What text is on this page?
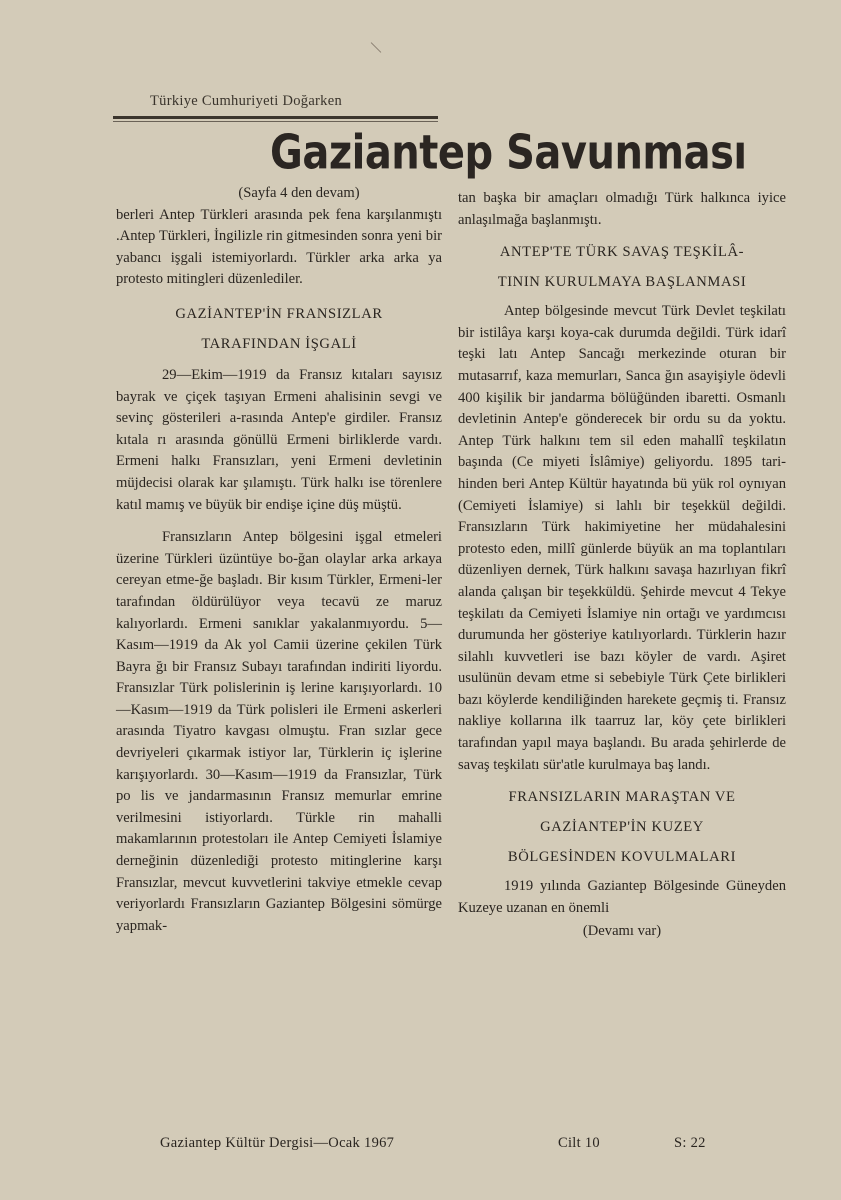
Türkiye Cumhuriyeti Doğarken
Gaziantep Savunması

(Sayfa 4 den devam)

berleri Antep Türkleri arasında pek fena karşılanmıştı .Antep Türkleri, İngilizle rin gitmesinden sonra yeni bir yabancı işgali istemiyorlardı. Türkler arka arka ya protesto mitingleri düzenlediler.

GAZİANTEP'İN FRANSIZLAR
TARAFINDAN İŞGALİ

29—Ekim—1919 da Fransız kıtaları sayısız bayrak ve çiçek taşıyan Ermeni ahalisinin sevgi ve sevinç gösterileri a-rasında Antep'e girdiler. Fransız kıtala rı arasında gönüllü Ermeni birliklerde vardı. Ermeni halkı Fransızları, yeni Ermeni devletinin müjdecisi olarak kar şılamıştı. Türk halkı ise törenlere katıl mamış ve büyük bir endişe içine düş müştü.

Fransızların Antep bölgesini işgal etmeleri üzerine Türkleri üzüntüye bo-ğan olaylar arka arkaya cereyan etme-ğe başladı. Bir kısım Türkler, Ermeni-ler tarafından öldürülüyor veya tecavü ze maruz kalıyorlardı. Ermeni sanıklar yakalanmıyordu. 5—Kasım—1919 da Ak yol Camii üzerine çekilen Türk Bayra ğı bir Fransız Subayı tarafından indiriti liyordu. Fransızlar Türk polislerinin iş lerine karışıyorlardı. 10—Kasım—1919 da Türk polisleri ile Ermeni askerleri arasında Tiyatro kavgası olmuştu. Fran sızlar gece devriyeleri çıkarmak istiyor lar, Türklerin iç işlerine karışıyorlardı. 30—Kasım—1919 da Fransızlar, Türk po lis ve jandarmasının Fransız memurlar emrine verilmesini istiyorlardı. Türkle rin mahalli makamlarının protestoları ile Antep Cemiyeti İslamiye derneğinin düzenlediği protesto mitinglerine karşı Fransızlar, mevcut kuvvetlerini takviye etmekle cevap veriyorlardı Fransızların Gaziantep Bölgesini sömürge yapmak-

tan başka bir amaçları olmadığı Türk halkınca iyice anlaşılmağa başlanmıştı.

ANTEP'TE TÜRK SAVAŞ TEŞKİLÂ-
TININ KURULMAYA BAŞLANMASI

Antep bölgesinde mevcut Türk Devlet teşkilatı bir istilâya karşı koya-cak durumda değildi. Türk idarî teşki latı Antep Sancağı merkezinde oturan bir mutasarrıf, kaza memurları, Sanca ğın asayişiyle ödevli 400 kişilik bir jandarma bölüğünden ibaretti. Osmanlı devletinin Antep'e gönderecek bir ordu su da yoktu. Antep Türk halkını tem sil eden mahallî teşkilatın başında (Ce miyeti İslâmiye) geliyordu. 1895 tari-hinden beri Antep Kültür hayatında bü yük rol oynıyan (Cemiyeti İslamiye) si lahlı bir teşekkül değildi. Fransızların Türk hakimiyetine her müdahalesini protesto eden, millî günlerde büyük an ma toplantıları düzenliyen dernek, Türk halkını savaşa hazırlıyan fikrî alanda çalışan bir teşekküldü. Şehirde mevcut 4 Tekye teşkilatı da Cemiyeti İslamiye nin ortağı ve yardımcısı durumunda her gösteriye katılıyorlardı. Türklerin hazır silahlı kuvvetleri ise bazı köyler de vardı. Aşiret usulünün devam etme si sebebiyle Türk Çete birlikleri bazı köylerde kendiliğinden harekete geçmiş ti. Fransız nakliye kollarına ilk taarruz lar, köy çete birlikleri tarafından yapıl maya başlandı. Bu arada şehirlerde de savaş teşkilatı sür'atle kurulmaya baş landı.

FRANSIZLARIN MARAŞTAN VE
GAZİANTEP'İN KUZEY
BÖLGESİNDEN KOVULMALARI

1919 yılında Gaziantep Bölgesinde Güneyden Kuzeye uzanan en önemli

(Devamı var)

Gaziantep Kültür Dergisi—Ocak 1967	Cilt 10	S: 22
